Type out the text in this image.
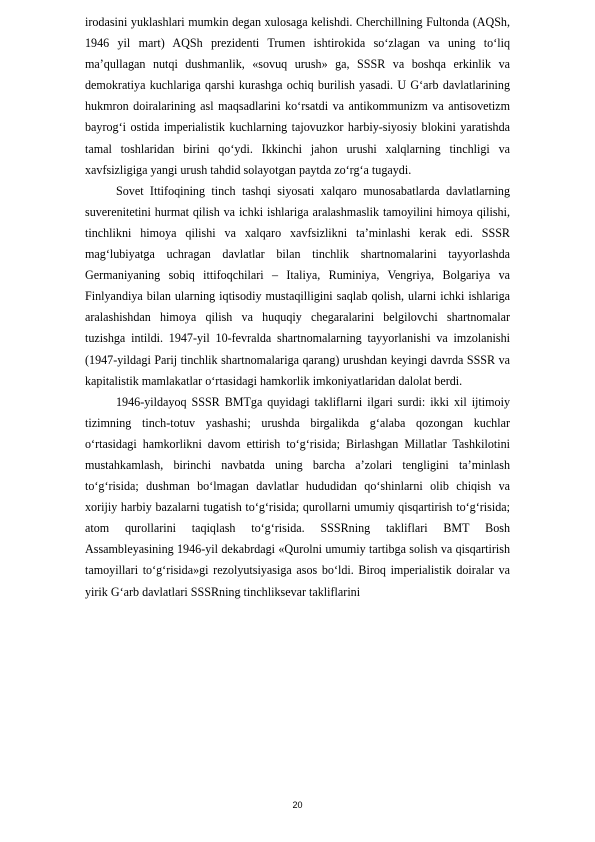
irodasini yuklashlari mumkin degan xulosaga kelishdi. Cherchillning Fultonda (AQSh, 1946 yil mart) AQSh prezidenti Trumen ishtirokida so‘zlagan va uning to‘liq ma’qullagan nutqi dushmanlik, «sovuq urush» ga, SSSR va boshqa erkinlik va demokratiya kuchlariga qarshi kurashga ochiq burilish yasadi. U G‘arb davlatlarining hukmron doiralarining asl maqsadlarini ko‘rsatdi va antikommunizm va antisovetizm bayrog‘i ostida imperialistik kuchlarning tajovuzkor harbiy-siyosiy blokini yaratishda tamal toshlaridan birini qo‘ydi. Ikkinchi jahon urushi xalqlarning tinchligi va xavfsizligiga yangi urush tahdid solayotgan paytda zo‘rg‘a tugaydi.

Sovet Ittifoqining tinch tashqi siyosati xalqaro munosabatlarda davlatlarning suverenitetini hurmat qilish va ichki ishlariga aralashmaslik tamoyilini himoya qilishi, tinchlikni himoya qilishi va xalqaro xavfsizlikni ta’minlashi kerak edi. SSSR mag‘lubiyatga uchragan davlatlar bilan tinchlik shartnomalarini tayyorlashda Germaniyaning sobiq ittifoqchilari – Italiya, Ruminiya, Vengriya, Bolgariya va Finlyandiya bilan ularning iqtisodiy mustaqilligini saqlab qolish, ularni ichki ishlariga aralashishdan himoya qilish va huquqiy chegaralarini belgilovchi shartnomalar tuzishga intildi. 1947-yil 10-fevralda shartnomalarning tayyorlanishi va imzolanishi (1947-yildagi Parij tinchlik shartnomalariga qarang) urushdan keyingi davrda SSSR va kapitalistik mamlakatlar o‘rtasidagi hamkorlik imkoniyatlaridan dalolat berdi.

1946-yildayoq SSSR BMTga quyidagi takliflarni ilgari surdi: ikki xil ijtimoiy tizimning tinch-totuv yashashi; urushda birgalikda g‘alaba qozongan kuchlar o‘rtasidagi hamkorlikni davom ettirish to‘g‘risida; Birlashgan Millatlar Tashkilotini mustahkamlash, birinchi navbatda uning barcha a’zolari tengligini ta’minlash to‘g‘risida; dushman bo‘lmagan davlatlar hududidan qo‘shinlarni olib chiqish va xorijiy harbiy bazalarni tugatish to‘g‘risida; qurollarni umumiy qisqartirish to‘g‘risida; atom qurollarini taqiqlash to‘g‘risida. SSSRning takliflari BMT Bosh Assambleyasining 1946-yil dekabrdagi «Qurolni umumiy tartibga solish va qisqartirish tamoyillari to‘g‘risida»gi rezolyutsiyasiga asos bo‘ldi. Biroq imperialistik doiralar va yirik G‘arb davlatlari SSSRning tinchliksevar takliflarini

20
